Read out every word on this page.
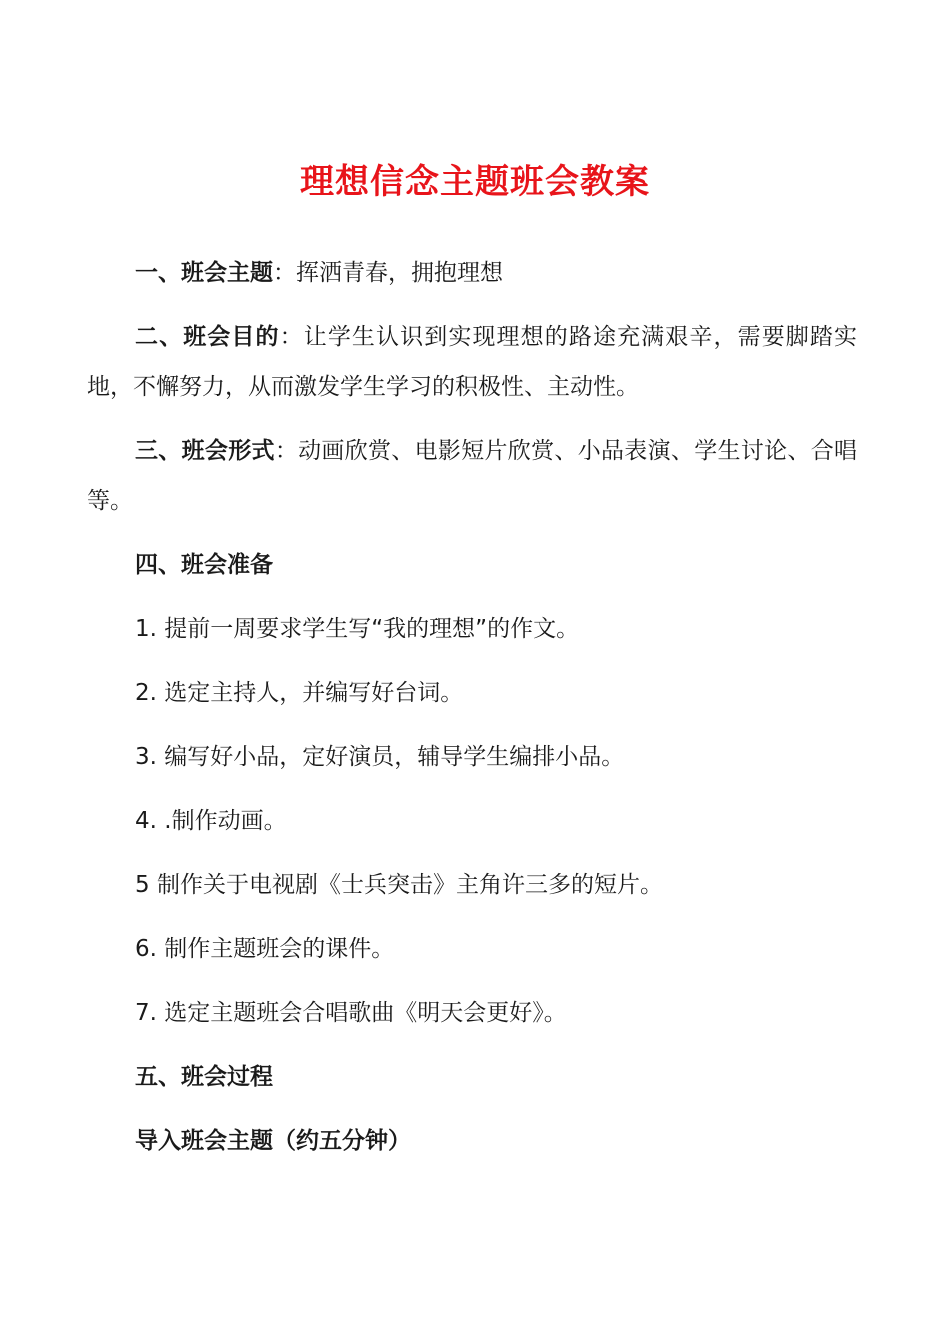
理想信念主题班会教案

一、班会主题：挥洒青春，拥抱理想

二、班会目的：让学生认识到实现理想的路途充满艰辛，需要脚踏实地，不懈努力，从而激发学生学习的积极性、主动性。

三、班会形式：动画欣赏、电影短片欣赏、小品表演、学生讨论、合唱等。

四、班会准备

1. 提前一周要求学生写“我的理想”的作文。

2. 选定主持人，并编写好台词。

3. 编写好小品，定好演员，辅导学生编排小品。

4. .制作动画。

5 制作关于电视剧《士兵突击》主角许三多的短片。

6. 制作主题班会的课件。

7. 选定主题班会合唱歌曲《明天会更好》。

五、班会过程

导入班会主题（约五分钟）
